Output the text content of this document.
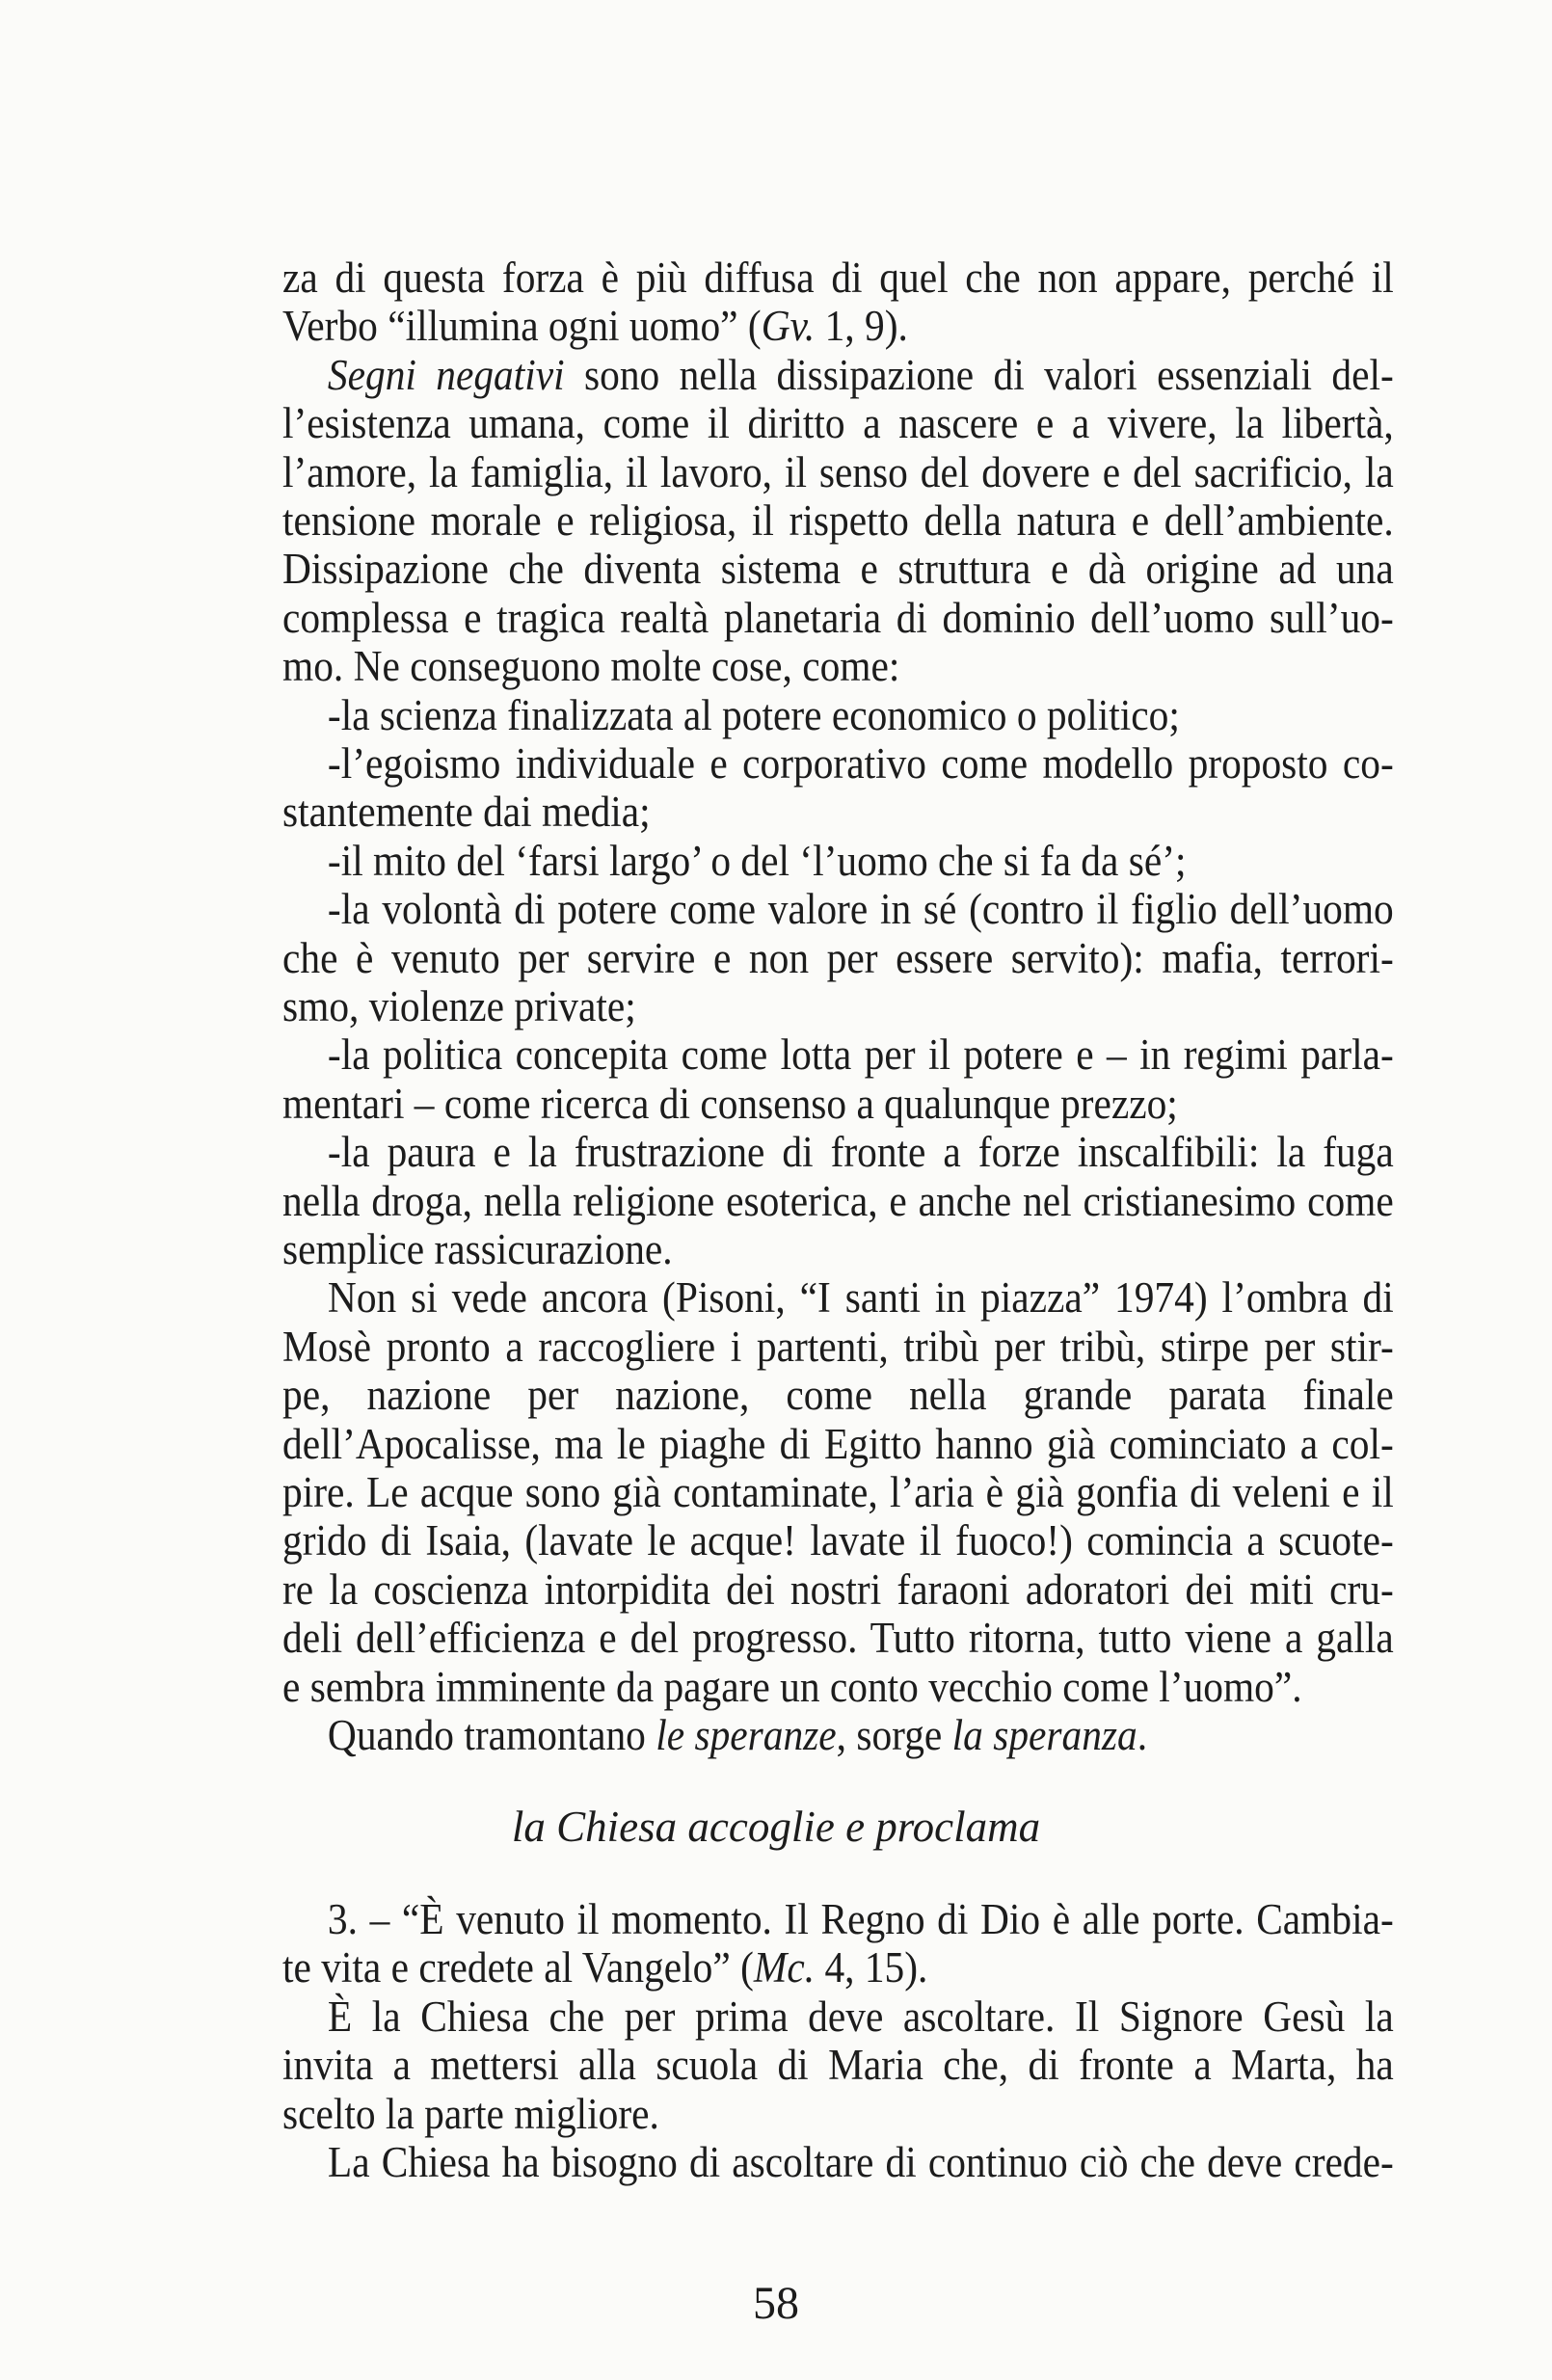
za di questa forza è più diffusa di quel che non appare, perché il
Verbo “illumina ogni uomo” (Gv. 1, 9).
Segni negativi sono nella dissipazione di valori essenziali del-
l’esistenza umana, come il diritto a nascere e a vivere, la libertà,
l’amore, la famiglia, il lavoro, il senso del dovere e del sacrificio, la
tensione morale e religiosa, il rispetto della natura e dell’ambiente.
Dissipazione che diventa sistema e struttura e dà origine ad una
complessa e tragica realtà planetaria di dominio dell’uomo sull’uo-
mo. Ne conseguono molte cose, come:
-la scienza finalizzata al potere economico o politico;
-l’egoismo individuale e corporativo come modello proposto co-
stantemente dai media;
-il mito del ‘farsi largo’ o del ‘l’uomo che si fa da sé’;
-la volontà di potere come valore in sé (contro il figlio dell’uomo
che è venuto per servire e non per essere servito): mafia, terrori-
smo, violenze private;
-la politica concepita come lotta per il potere e – in regimi parla-
mentari – come ricerca di consenso a qualunque prezzo;
-la paura e la frustrazione di fronte a forze inscalfibili: la fuga
nella droga, nella religione esoterica, e anche nel cristianesimo come
semplice rassicurazione.
Non si vede ancora (Pisoni, “I santi in piazza” 1974) l’ombra di
Mosè pronto a raccogliere i partenti, tribù per tribù, stirpe per stir-
pe, nazione per nazione, come nella grande parata finale
dell’Apocalisse, ma le piaghe di Egitto hanno già cominciato a col-
pire. Le acque sono già contaminate, l’aria è già gonfia di veleni e il
grido di Isaia, (lavate le acque! lavate il fuoco!) comincia a scuote-
re la coscienza intorpidita dei nostri faraoni adoratori dei miti cru-
deli dell’efficienza e del progresso. Tutto ritorna, tutto viene a galla
e sembra imminente da pagare un conto vecchio come l’uomo”.
Quando tramontano le speranze, sorge la speranza.
la Chiesa accoglie e proclama
3. – “È venuto il momento. Il Regno di Dio è alle porte. Cambia-
te vita e credete al Vangelo” (Mc. 4, 15).
È la Chiesa che per prima deve ascoltare. Il Signore Gesù la
invita a mettersi alla scuola di Maria che, di fronte a Marta, ha
scelto la parte migliore.
La Chiesa ha bisogno di ascoltare di continuo ciò che deve crede-
58
